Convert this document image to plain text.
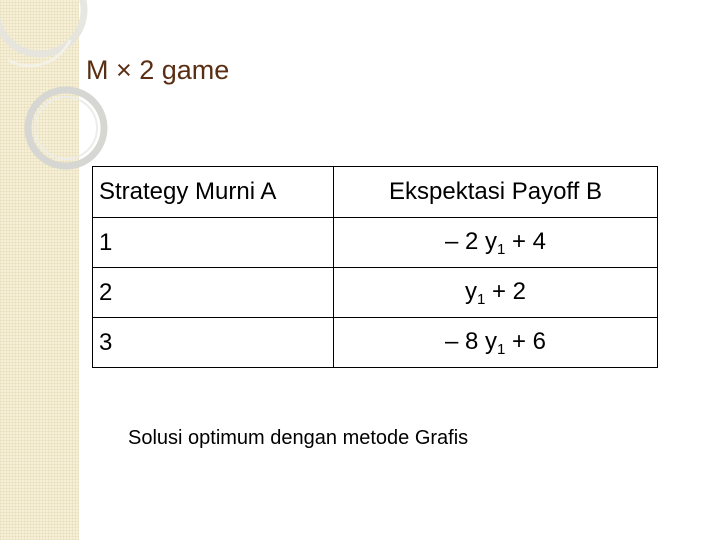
M × 2 game
Strategy Murni A	Ekspektasi Payoff B
1	– 2 $y_1 + 4$
2	$y_1 + 2$
3	– 8 $y_1 + 6$
Solusi optimum dengan metode Grafis
